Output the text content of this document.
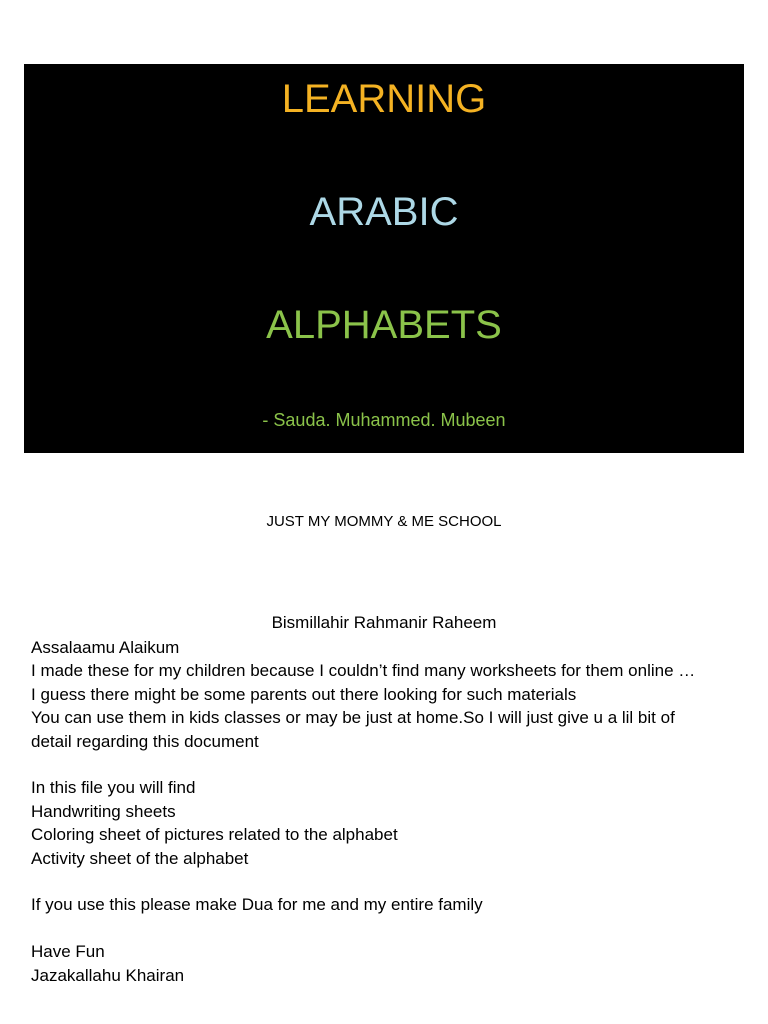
LEARNING
ARABIC
ALPHABETS
- Sauda. Muhammed. Mubeen
JUST MY MOMMY & ME SCHOOL
Bismillahir Rahmanir Raheem
Assalaamu Alaikum
I made these for my children because I couldn’t find many worksheets for them online …
I guess there might be some parents out there looking for such materials
You can use them in kids classes or may be just at home.So I will just give u a lil bit of
detail regarding this document
In this file you will find
Handwriting sheets
Coloring sheet of pictures related to the alphabet
Activity sheet of the alphabet
If you use this please make Dua for me and my entire family
Have Fun
Jazakallahu Khairan
